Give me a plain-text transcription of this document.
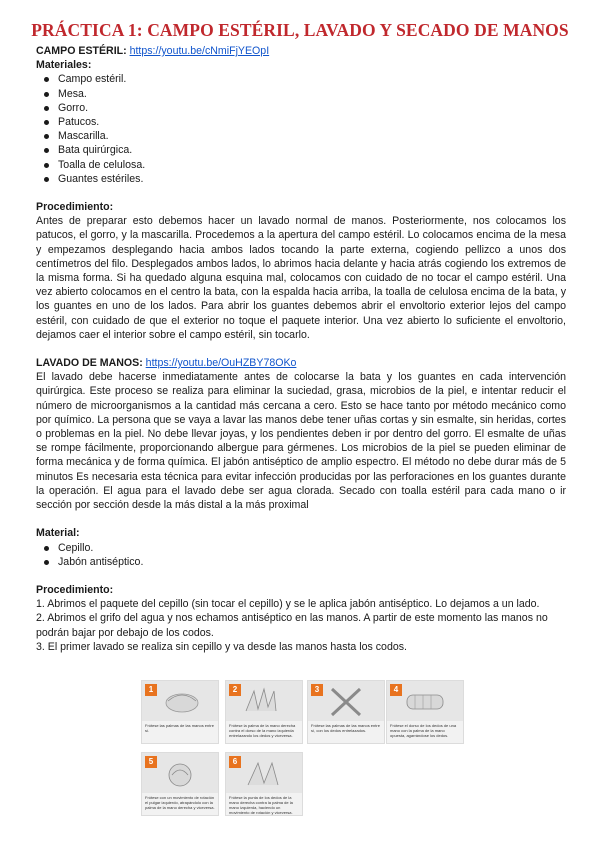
PRÁCTICA 1: CAMPO ESTÉRIL, LAVADO Y SECADO DE MANOS

CAMPO ESTÉRIL: https://youtu.be/cNmiFjYEOpI

Materiales:

Campo estéril.
Mesa.
Gorro.
Patucos.
Mascarilla.
Bata quirúrgica.
Toalla de celulosa.
Guantes estériles.

Procedimiento:

Antes de preparar esto debemos hacer un lavado normal de manos. Posteriormente, nos colocamos los patucos, el gorro, y la mascarilla. Procedemos a la apertura del campo estéril. Lo colocamos encima de la mesa y empezamos desplegando hacia ambos lados tocando la parte externa, cogiendo pellizco a unos dos centímetros del filo. Desplegados ambos lados, lo abrimos hacia delante y hacia atrás cogiendo los extremos de la misma forma. Si ha quedado alguna esquina mal, colocamos con cuidado de no tocar el campo estéril. Una vez abierto colocamos en el centro la bata, con la espalda hacia arriba, la toalla de celulosa encima de la bata, y los guantes en uno de los lados. Para abrir los guantes debemos abrir el envoltorio exterior lejos del campo estéril, con cuidado de que el exterior no toque el paquete interior. Una vez abierto lo suficiente el envoltorio, dejamos caer el interior sobre el campo estéril, sin tocarlo.

LAVADO DE MANOS: https://youtu.be/OuHZBY78OKo

El lavado debe hacerse inmediatamente antes de colocarse la bata y los guantes en cada intervención quirúrgica. Este proceso se realiza para eliminar la suciedad, grasa, microbios de la piel, e intentar reducir el número de microorganismos a la cantidad más cercana a cero. Esto se hace tanto por método mecánico como por químico. La persona que se vaya a lavar las manos debe tener uñas cortas y sin esmalte, sin heridas, cortes o problemas en la piel. No debe llevar joyas, y los pendientes deben ir por dentro del gorro. El esmalte de uñas se rompe fácilmente, proporcionando albergue para gérmenes. Los microbios de la piel se pueden eliminar de forma mecánica y de forma química. El jabón antiséptico de amplio espectro. El método no debe durar más de 5 minutos Es necesaria esta técnica para evitar infección producidas por las perforaciones en los guantes durante la operación. El agua para el lavado debe ser agua clorada. Secado con toalla estéril para cada mano o ir sección por sección desde la más distal a la más proximal

Material:

Cepillo.
Jabón antiséptico.

Procedimiento:

1. Abrimos el paquete del cepillo (sin tocar el cepillo) y se le aplica jabón antiséptico. Lo dejamos a un lado.

2. Abrimos el grifo del agua y nos echamos antiséptico en las manos. A partir de este momento las manos no podrán bajar por debajo de los codos.

3. El primer lavado se realiza sin cepillo y va desde las manos hasta los codos.

1
Frótese las palmas de las manos entre sí.
2
Frótese la palma de la mano derecha contra el dorso de la mano izquierda entrelazando los dedos y viceversa.
3
Frótese las palmas de las manos entre sí, con los dedos entrelazados.
4
Frótese el dorso de los dedos de una mano con la palma de la mano opuesta, agarrándose los dedos.
5
Frótese con un movimiento de rotación el pulgar izquierdo, atrapándolo con la palma de la mano derecha y viceversa.
6
Frótese la punta de los dedos de la mano derecha contra la palma de la mano izquierda, haciendo un movimiento de rotación y viceversa.
